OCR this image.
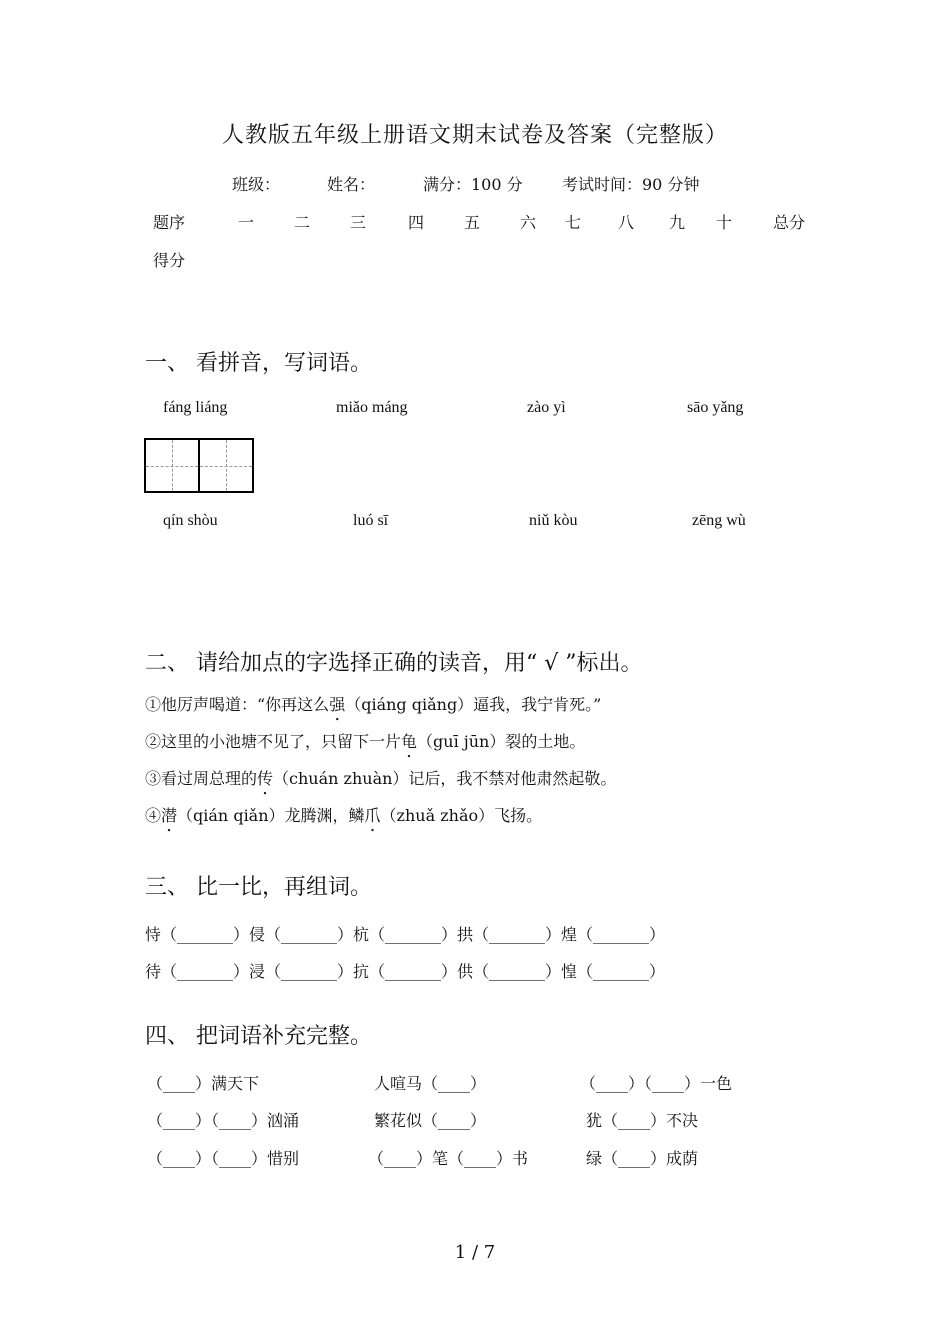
人教版五年级上册语文期末试卷及答案（完整版）
班级：	姓名：	满分：100 分 考试时间：90 分钟
题序	一 二 三	四 五 六 七 八 九 十	总分
得分
一、 看拼音，写词语。
fáng liáng	miǎo máng	zào yì	sāo yǎng
qín shòu	luó sī	niǔ kòu	zēng wù
二、 请给加点的字选择正确的读音，用“ √ ”标出。
①他厉声喝道：“你再这么强（qiáng qiǎng）逼我，我宁肯死。”
②这里的小池塘不见了，只留下一片龟（guī jūn）裂的土地。
③看过周总理的传（chuán zhuàn）记后，我不禁对他肃然起敬。
④潜（qián qiǎn）龙腾渊，鳞爪（zhuǎ zhǎo）飞扬。
三、 比一比，再组词。
恃（_______）侵（_______）杭（_______）拱（_______）煌（_______）
待（_______）浸（_______）抗（_______）供（_______）惶（_______）
四、 把词语补充完整。
（____）满天下	人喧马（____）	（____）（____）一色
（____）（____）汹涌	繁花似（____）	犹（____）不决
（____）（____）惜别	（____）笔（____）书	绿（____）成荫
1 / 7
